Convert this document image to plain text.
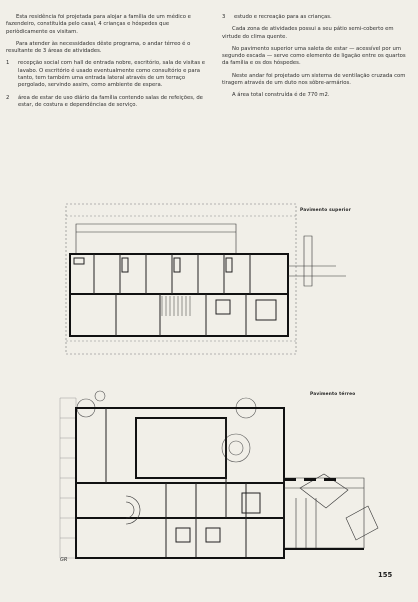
Esta residência foi projetada para alojar a família de um médico e fazendeiro, constituída pelo casal, 4 crianças e hóspedes que periòdicamente os visitam.

Para atender às necessidades dêste programa, o andar térreo é o resultante de 3 áreas de atividades.

1	recepção social com hall de entrada nobre, escritório, sala de visitas e lavabo. O escritório é usado eventualmente como consultório e para tanto, tem também uma entrada lateral através de um terraço pergolado, servindo assim, como ambiente de espera.
2	área de estar de uso diário da família contendo salas de refeições, de estar, de costura e dependências de serviço.
3	estudo e recreação para as crianças.

Cada zona de atividades possui a seu pátio semi-coberto em virtude do clima quente.

No pavimento superior uma saleta de estar — acessível por um segundo escada — serve como elemento de ligação entre os quartos da família e os dos hóspedes.

Neste andar foi projetado um sistema de ventilação cruzada com tiragem através de um duto nos sôbre-armários.

A área total construída é de 770 m2.

Pavimento superior
Pavimento térreo
GR
155
